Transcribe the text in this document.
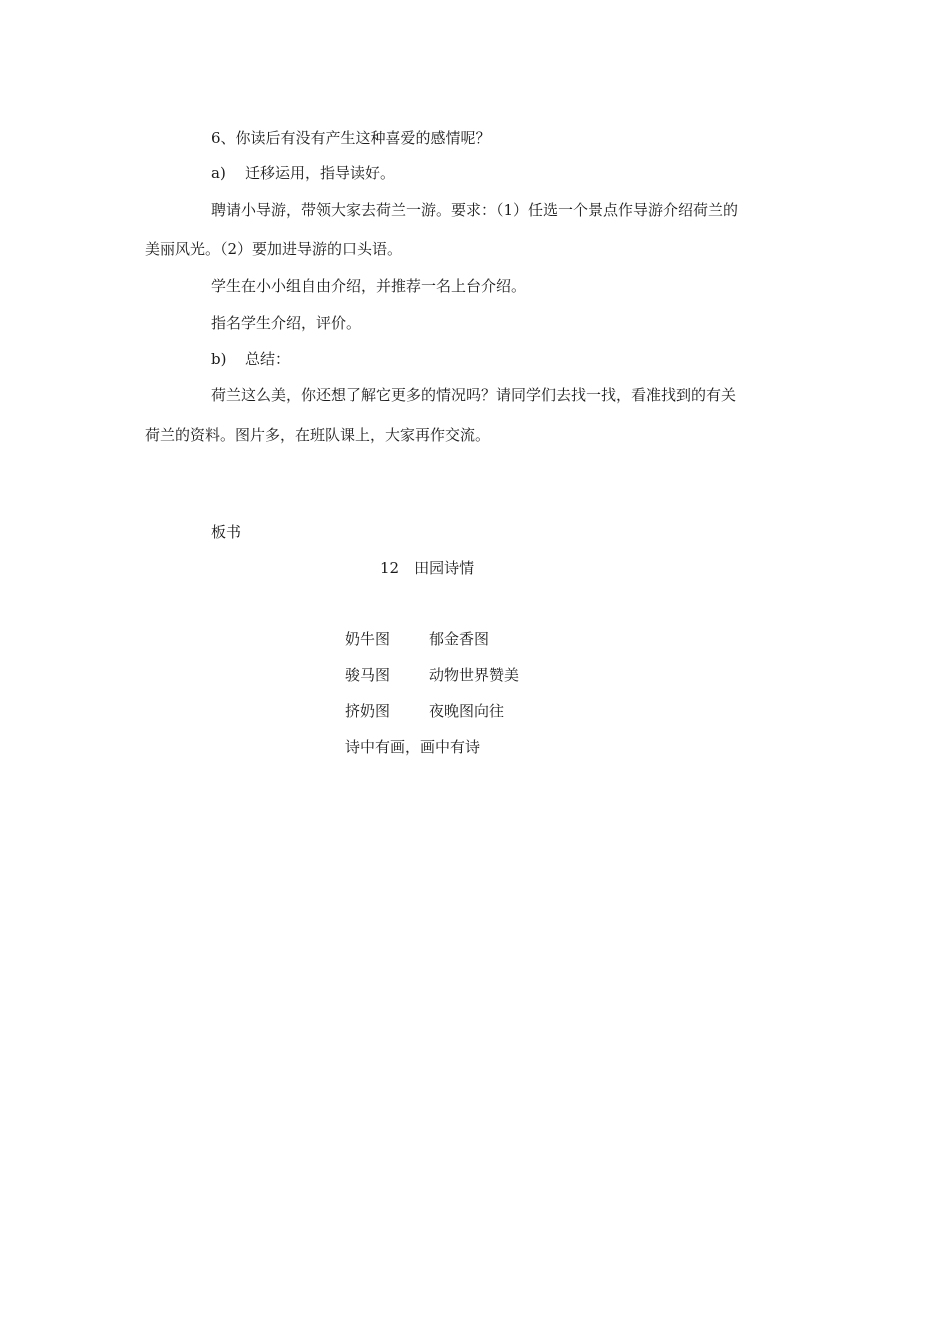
6、你读后有没有产生这种喜爱的感情呢？
a) 迁移运用，指导读好。
聘请小导游，带领大家去荷兰一游。要求：（1）任选一个景点作导游介绍荷兰的
美丽风光。（2）要加进导游的口头语。
学生在小小组自由介绍，并推荐一名上台介绍。
指名学生介绍，评价。
b) 总结：
荷兰这么美，你还想了解它更多的情况吗？请同学们去找一找，看准找到的有关
荷兰的资料。图片多，在班队课上，大家再作交流。
板书
12　田园诗情
奶牛图	郁金香图
骏马图	动物世界赞美
挤奶图	夜晚图向往
诗中有画，画中有诗
